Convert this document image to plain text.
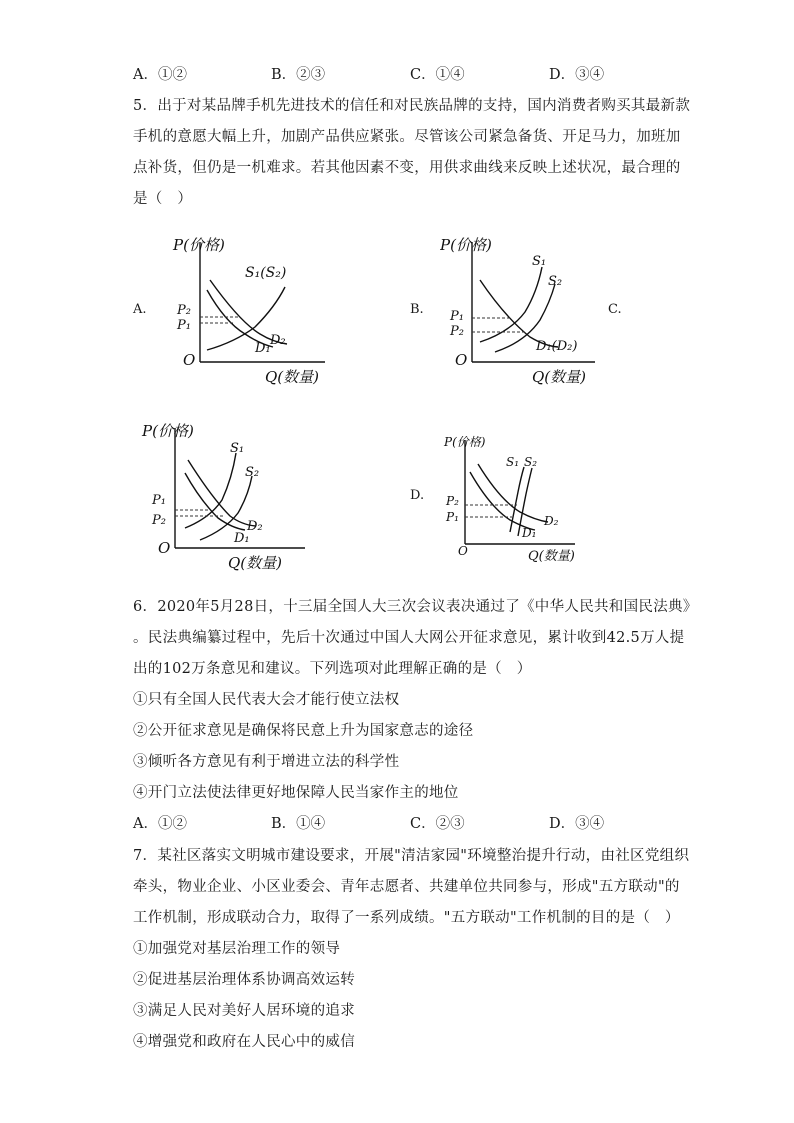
A．①②	B．②③	C．①④	D．③④
5．出于对某品牌手机先进技术的信任和对民族品牌的支持，国内消费者购买其最新款
手机的意愿大幅上升，加剧产品供应紧张。尽管该公司紧急备货、开足马力，加班加
点补货，但仍是一机难求。若其他因素不变，用供求曲线来反映上述状况，最合理的
是（　）
A.	B.	C.
D.
P(价格)
Q(数量)
O
S₁(S₂)
D₁
D₂
P₂
P₁
P(价格)
Q(数量)
O
S₁
S₂
D₁(D₂)
P₁
P₂
P(价格)
Q(数量)
O
S₁
S₂
D₁
D₂
P₁
P₂
P(价格)
Q(数量)
O
S₁ S₂
D₁
D₂
P₂
P₁
6．2020年5月28日，十三届全国人大三次会议表决通过了《中华人民共和国民法典》
。民法典编纂过程中，先后十次通过中国人大网公开征求意见，累计收到42.5万人提
出的102万条意见和建议。下列选项对此理解正确的是（　）
①只有全国人民代表大会才能行使立法权
②公开征求意见是确保将民意上升为国家意志的途径
③倾听各方意见有利于增进立法的科学性
④开门立法使法律更好地保障人民当家作主的地位
A．①②	B．①④	C．②③	D．③④
7．某社区落实文明城市建设要求，开展"清洁家园"环境整治提升行动，由社区党组织
牵头，物业企业、小区业委会、青年志愿者、共建单位共同参与，形成"五方联动"的
工作机制，形成联动合力，取得了一系列成绩。"五方联动"工作机制的目的是（　）
①加强党对基层治理工作的领导
②促进基层治理体系协调高效运转
③满足人民对美好人居环境的追求
④增强党和政府在人民心中的威信
